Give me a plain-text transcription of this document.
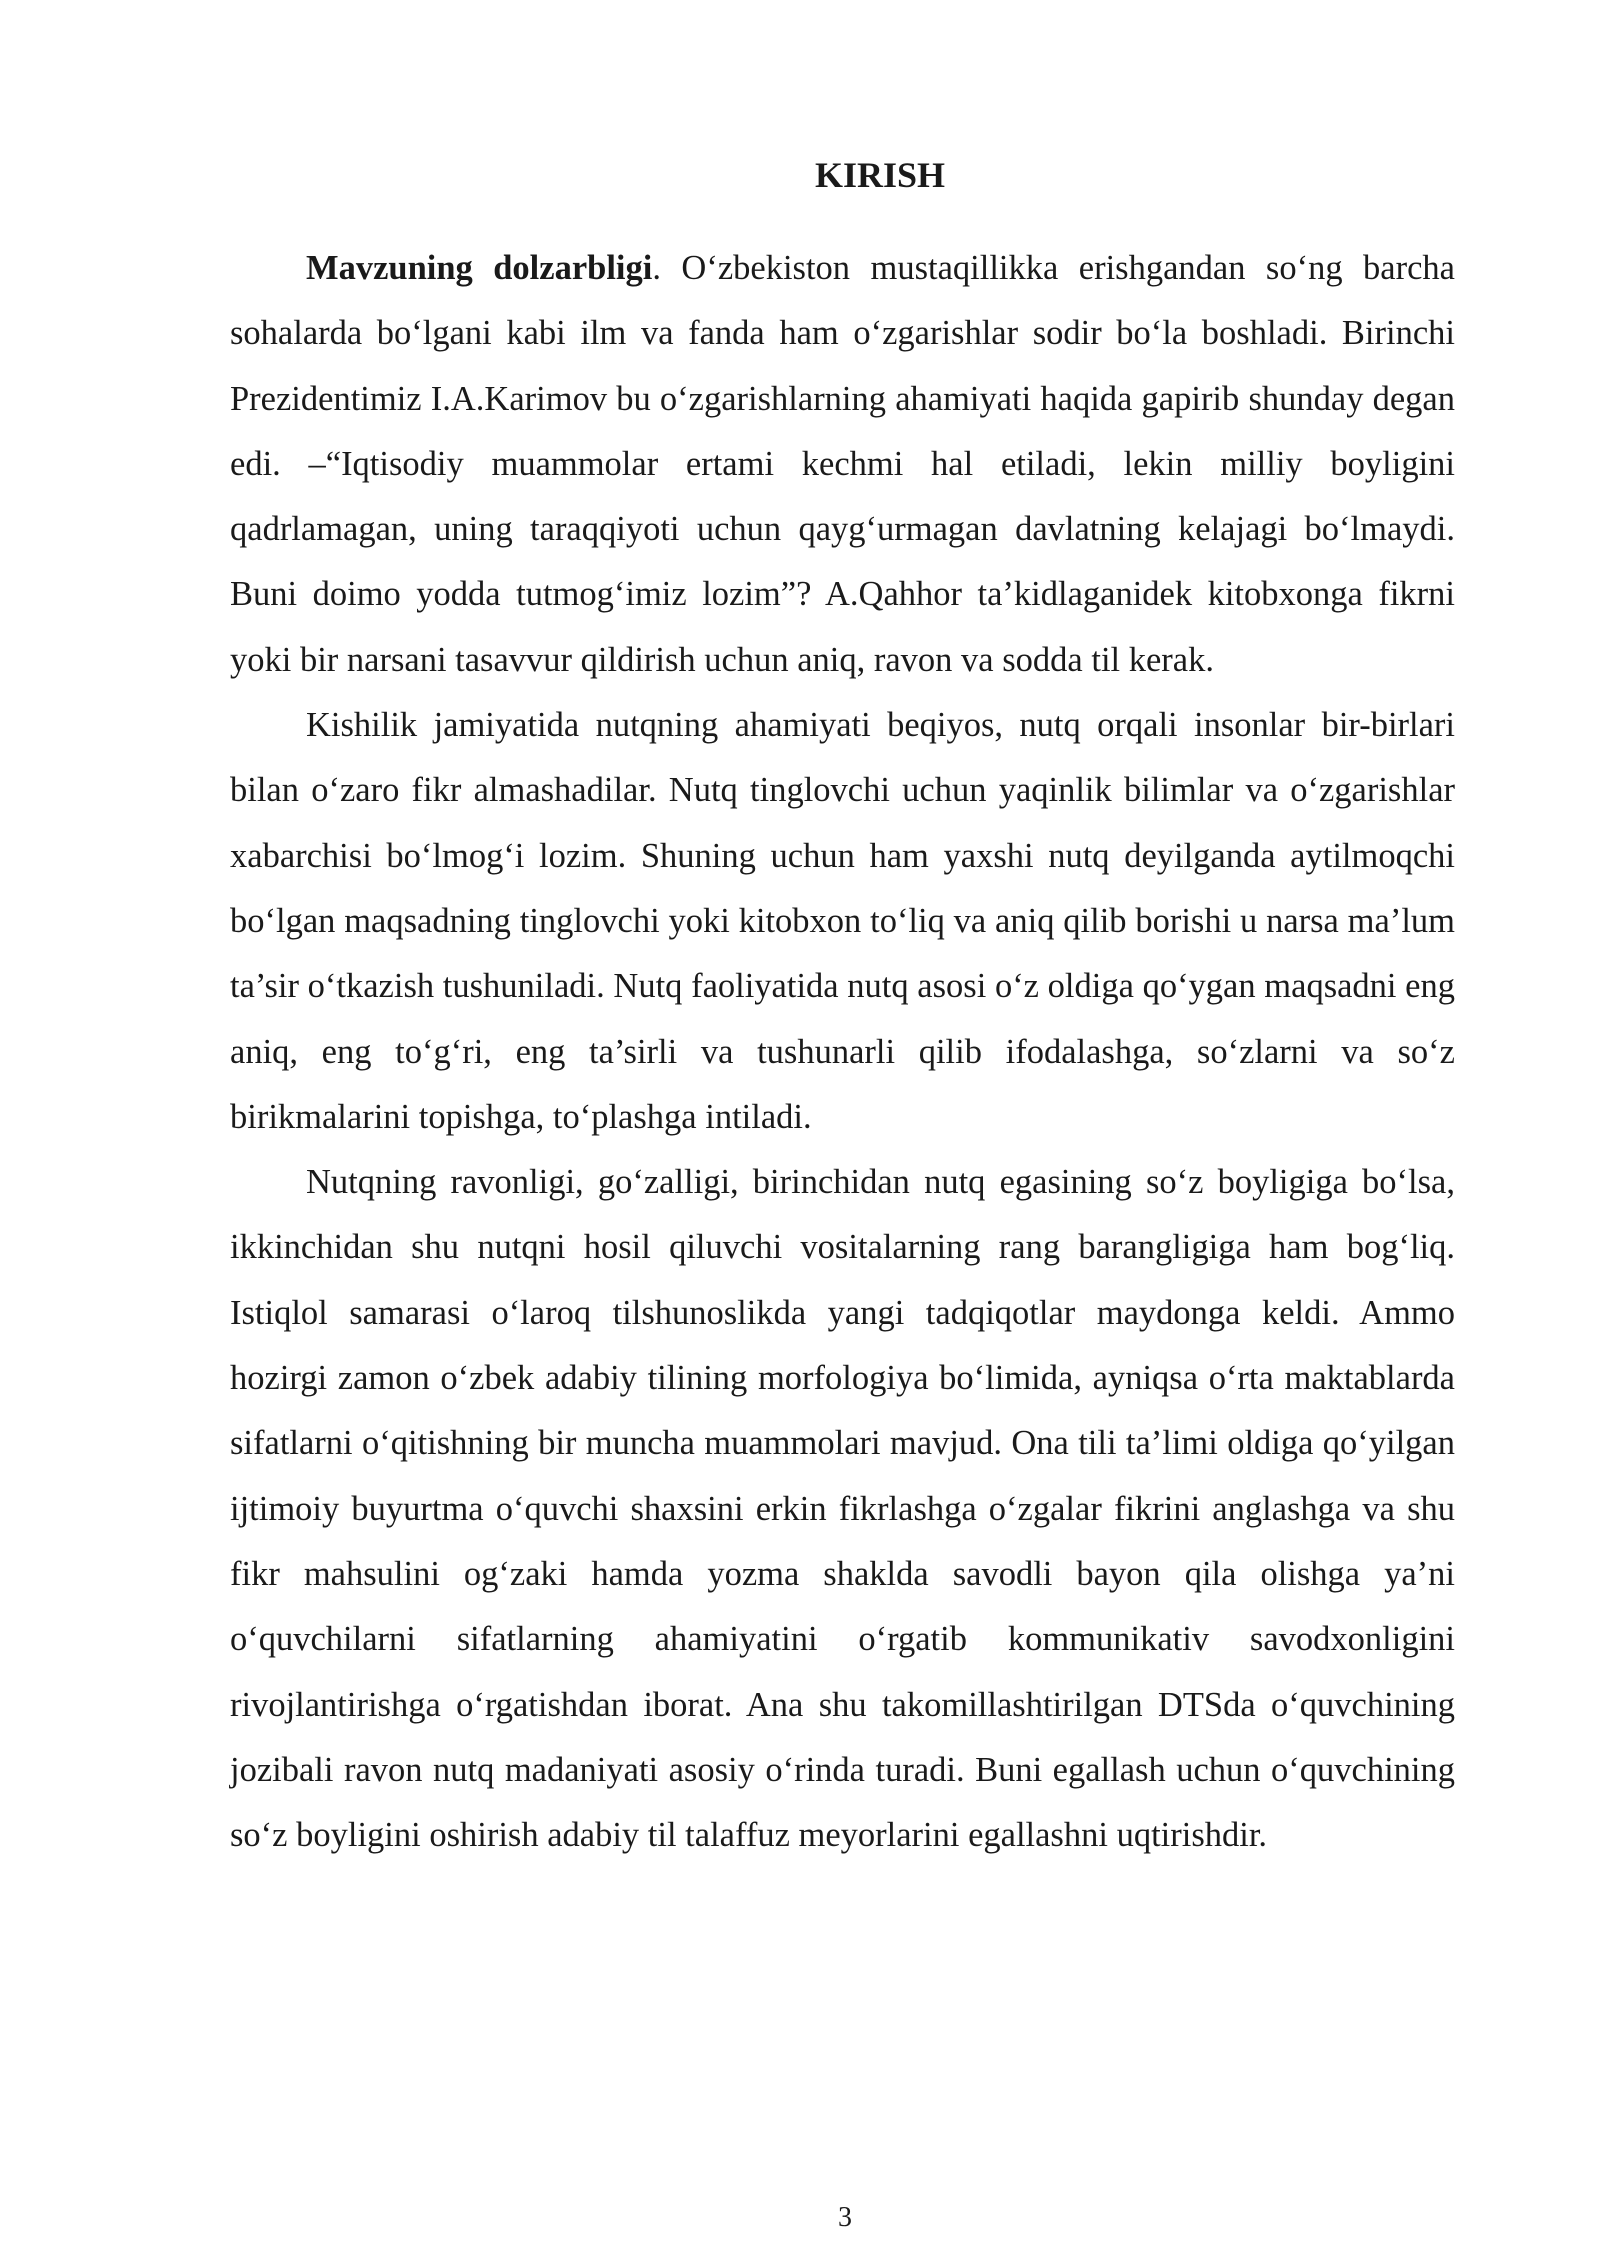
KIRISH

Mavzuning dolzarbligi. O‘zbekiston mustaqillikka erishgandan so‘ng barcha sohalarda bo‘lgani kabi ilm va fanda ham o‘zgarishlar sodir bo‘la boshladi. Birinchi Prezidentimiz I.A.Karimov bu o‘zgarishlarning ahamiyati haqida gapirib shunday degan edi. –“Iqtisodiy muammolar ertami kechmi hal etiladi, lekin milliy boyligini qadrlamagan, uning taraqqiyoti uchun qayg‘urmagan davlatning kelajagi bo‘lmaydi. Buni doimo yodda tutmog‘imiz lozim”? A.Qahhor ta’kidlaganidek kitobxonga fikrni yoki bir narsani tasavvur qildirish uchun aniq, ravon va sodda til kerak.

Kishilik jamiyatida nutqning ahamiyati beqiyos, nutq orqali insonlar bir-birlari bilan o‘zaro fikr almashadilar. Nutq tinglovchi uchun yaqinlik bilimlar va o‘zgarishlar xabarchisi bo‘lmog‘i lozim. Shuning uchun ham yaxshi nutq deyilganda aytilmoqchi bo‘lgan maqsadning tinglovchi yoki kitobxon to‘liq va aniq qilib borishi u narsa ma’lum ta’sir o‘tkazish tushuniladi. Nutq faoliyatida nutq asosi o‘z oldiga qo‘ygan maqsadni eng aniq, eng to‘g‘ri, eng ta’sirli va tushunarli qilib ifodalashga, so‘zlarni va so‘z birikmalarini topishga, to‘plashga intiladi.

Nutqning ravonligi, go‘zalligi, birinchidan nutq egasining so‘z boyligiga bo‘lsa, ikkinchidan shu nutqni hosil qiluvchi vositalarning rang barangligiga ham bog‘liq. Istiqlol samarasi o‘laroq tilshunoslikda yangi tadqiqotlar maydonga keldi. Ammo hozirgi zamon o‘zbek adabiy tilining morfologiya bo‘limida, ayniqsa o‘rta maktablarda sifatlarni o‘qitishning bir muncha muammolari mavjud. Ona tili ta’limi oldiga qo‘yilgan ijtimoiy buyurtma o‘quvchi shaxsini erkin fikrlashga o‘zgalar fikrini anglashga va shu fikr mahsulini og‘zaki hamda yozma shaklda savodli bayon qila olishga ya’ni o‘quvchilarni sifatlarning ahamiyatini o‘rgatib kommunikativ savodxonligini rivojlantirishga o‘rgatishdan iborat. Ana shu takomillashtirilgan DTSda o‘quvchining jozibali ravon nutq madaniyati asosiy o‘rinda turadi. Buni egallash uchun o‘quvchining so‘z boyligini oshirish adabiy til talaffuz meyorlarini egallashni uqtirishdir.

3
